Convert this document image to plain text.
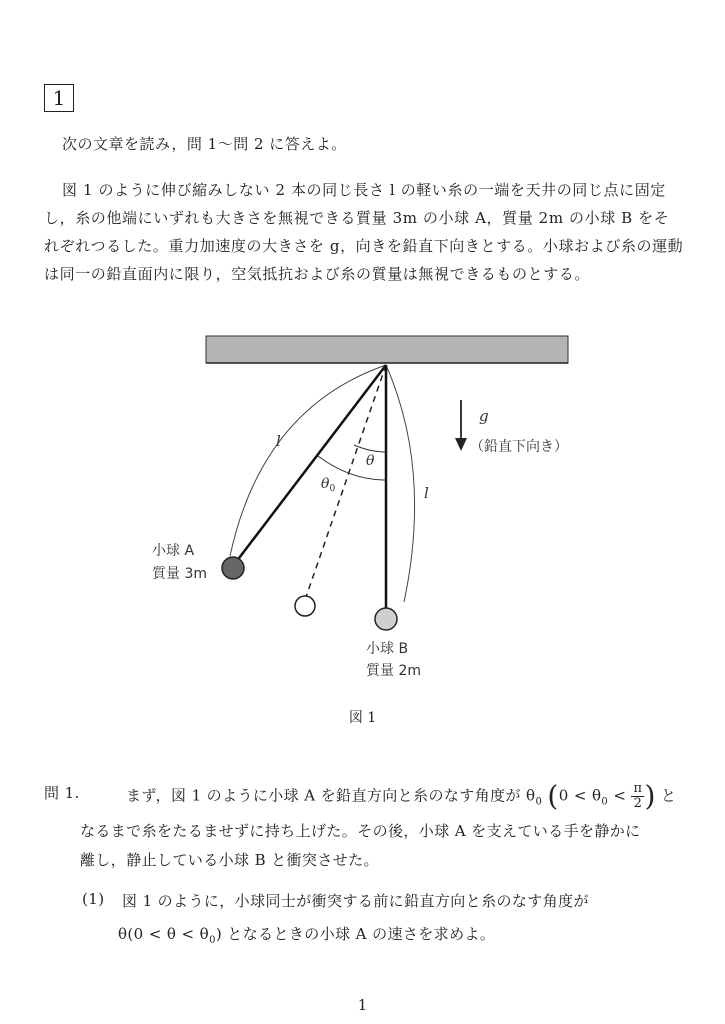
1
次の文章を読み，問 1〜問 2 に答えよ。

図 1 のように伸び縮みしない 2 本の同じ長さ l の軽い糸の一端を天井の同じ点に固定し，糸の他端にいずれも大きさを無視できる質量 3m の小球 A，質量 2m の小球 B をそれぞれつるした。重力加速度の大きさを g，向きを鉛直下向きとする。小球および糸の運動は同一の鉛直面内に限り，空気抵抗および糸の質量は無視できるものとする。

l
l
θ
$\theta_0$
g
（鉛直下向き）
小球 A
質量 3m
小球 B
質量 2m
図 1
問 1.	まず，図 1 のように小球 A を鉛直方向と糸のなす角度が $\theta_0$ ($0 < \theta_0 < \frac{\pi}{2}$ ) と
なるまで糸をたるませずに持ち上げた。その後，小球 A を支えている手を静かに
離し，静止している小球 B と衝突させた。
(1) 図 1 のように，小球同士が衝突する前に鉛直方向と糸のなす角度が
$\theta(0 < \theta < \theta_0)$ となるときの小球 A の速さを求めよ。
1
